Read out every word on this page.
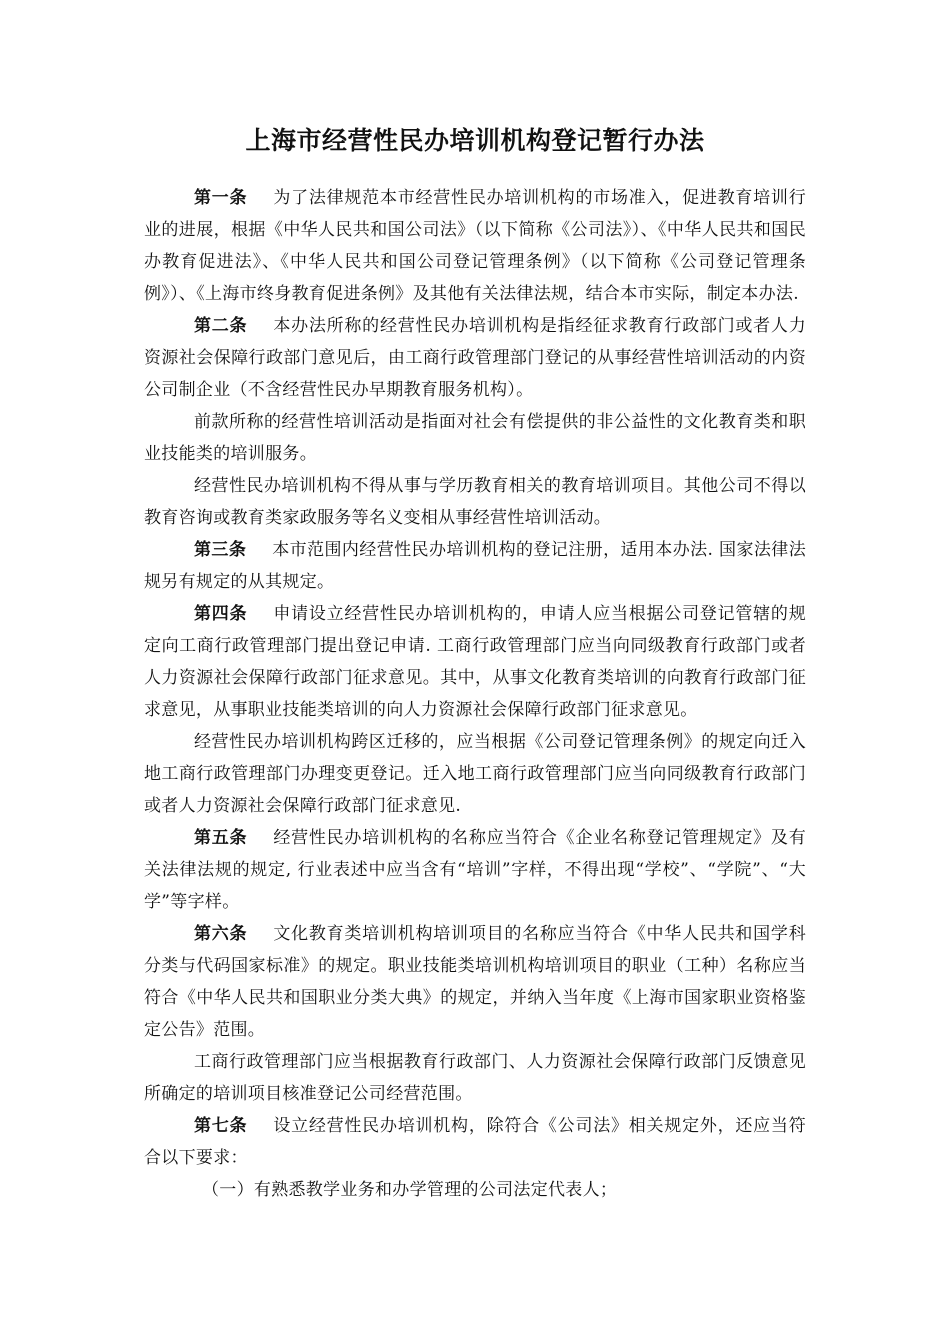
上海市经营性民办培训机构登记暂行办法

第一条 为了法律规范本市经营性民办培训机构的市场准入，促进教育培训行业的进展，根据《中华人民共和国公司法》（以下简称《公司法》）、《中华人民共和国民办教育促进法》、《中华人民共和国公司登记管理条例》（以下简称《公司登记管理条例》）、《上海市终身教育促进条例》及其他有关法律法规，结合本市实际，制定本办法.

第二条 本办法所称的经营性民办培训机构是指经征求教育行政部门或者人力资源社会保障行政部门意见后，由工商行政管理部门登记的从事经营性培训活动的内资公司制企业（不含经营性民办早期教育服务机构）。

前款所称的经营性培训活动是指面对社会有偿提供的非公益性的文化教育类和职业技能类的培训服务。

经营性民办培训机构不得从事与学历教育相关的教育培训项目。其他公司不得以教育咨询或教育类家政服务等名义变相从事经营性培训活动。

第三条 本市范围内经营性民办培训机构的登记注册，适用本办法. 国家法律法规另有规定的从其规定。

第四条 申请设立经营性民办培训机构的，申请人应当根据公司登记管辖的规定向工商行政管理部门提出登记申请. 工商行政管理部门应当向同级教育行政部门或者人力资源社会保障行政部门征求意见。其中，从事文化教育类培训的向教育行政部门征求意见，从事职业技能类培训的向人力资源社会保障行政部门征求意见。

经营性民办培训机构跨区迁移的，应当根据《公司登记管理条例》的规定向迁入地工商行政管理部门办理变更登记。迁入地工商行政管理部门应当向同级教育行政部门或者人力资源社会保障行政部门征求意见.

第五条 经营性民办培训机构的名称应当符合《企业名称登记管理规定》及有关法律法规的规定, 行业表述中应当含有“培训”字样，不得出现“学校”、“学院”、“大学”等字样。

第六条 文化教育类培训机构培训项目的名称应当符合《中华人民共和国学科分类与代码国家标准》的规定。职业技能类培训机构培训项目的职业（工种）名称应当符合《中华人民共和国职业分类大典》的规定，并纳入当年度《上海市国家职业资格鉴定公告》范围。

工商行政管理部门应当根据教育行政部门、人力资源社会保障行政部门反馈意见所确定的培训项目核准登记公司经营范围。

第七条 设立经营性民办培训机构，除符合《公司法》相关规定外，还应当符合以下要求：

（一）有熟悉教学业务和办学管理的公司法定代表人；
